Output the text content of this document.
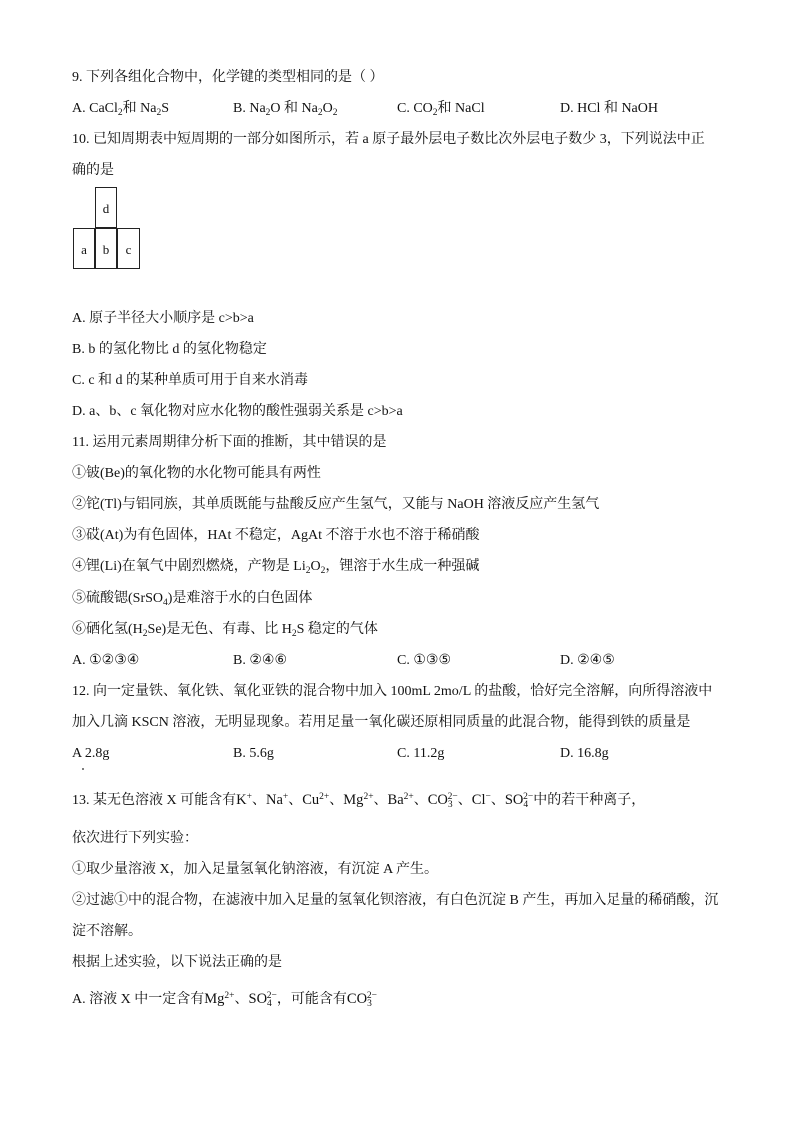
9. 下列各组化合物中，化学键的类型相同的是（ ）
A. CaCl$_2$和 $Na_2S$	B. $Na_2O$ 和 $Na_2O_2$	C. $CO_2$和 NaCl	D. HCl 和 NaOH
10. 已知周期表中短周期的一部分如图所示，若 a 原子最外层电子数比次外层电子数少 3，下列说法中正
确的是
d
a	b	c
A. 原子半径大小顺序是 c>b>a
B. b 的氢化物比 d 的氢化物稳定
C. c 和 d 的某种单质可用于自来水消毒
D. a、b、c 氧化物对应水化物的酸性强弱关系是 c>b>a
11. 运用元素周期律分析下面的推断，其中错误的是
①铍(Be)的氧化物的水化物可能具有两性
②铊(Tl)与铝同族，其单质既能与盐酸反应产生氢气，又能与 NaOH 溶液反应产生氢气
③砹(At)为有色固体，HAt 不稳定，AgAt 不溶于水也不溶于稀硝酸
④锂(Li)在氧气中剧烈燃烧，产物是 $Li_2O_2$，锂溶于水生成一种强碱
⑤硫酸锶(SrSO$_4$)是难溶于水的白色固体
⑥硒化氢$(H_2Se)$是无色、有毒、比 $H_2S$ 稳定的气体
A. ①②③④	B. ②④⑥	C. ①③⑤	D. ②④⑤
12. 向一定量铁、氧化铁、氧化亚铁的混合物中加入 100mL 2mo/L 的盐酸，恰好完全溶解，向所得溶液中
加入几滴 KSCN 溶液，无明显现象。若用足量一氧化碳还原相同质量的此混合物，能得到铁的质量是
A 2.8g	B. 5.6g	C. 11.2g	D. 16.8g
13. 某无色溶液 X 可能含有K+、Na+、$Cu^{2+}$、$Mg^{2+}$、$Ba^{2+}$、$CO_3^{2-}$、Cl−、$SO_4^{2-}$中的若干种离子，
依次进行下列实验：
①取少量溶液 X，加入足量氢氧化钠溶液，有沉淀 A 产生。
②过滤①中的混合物，在滤液中加入足量的氢氧化钡溶液，有白色沉淀 B 产生，再加入足量的稀硝酸，沉
淀不溶解。
根据上述实验，以下说法正确的是
A. 溶液 X 中一定含有$Mg^{2+}$、$SO_4^{2-}$，可能含有$CO_3^{2-}$
